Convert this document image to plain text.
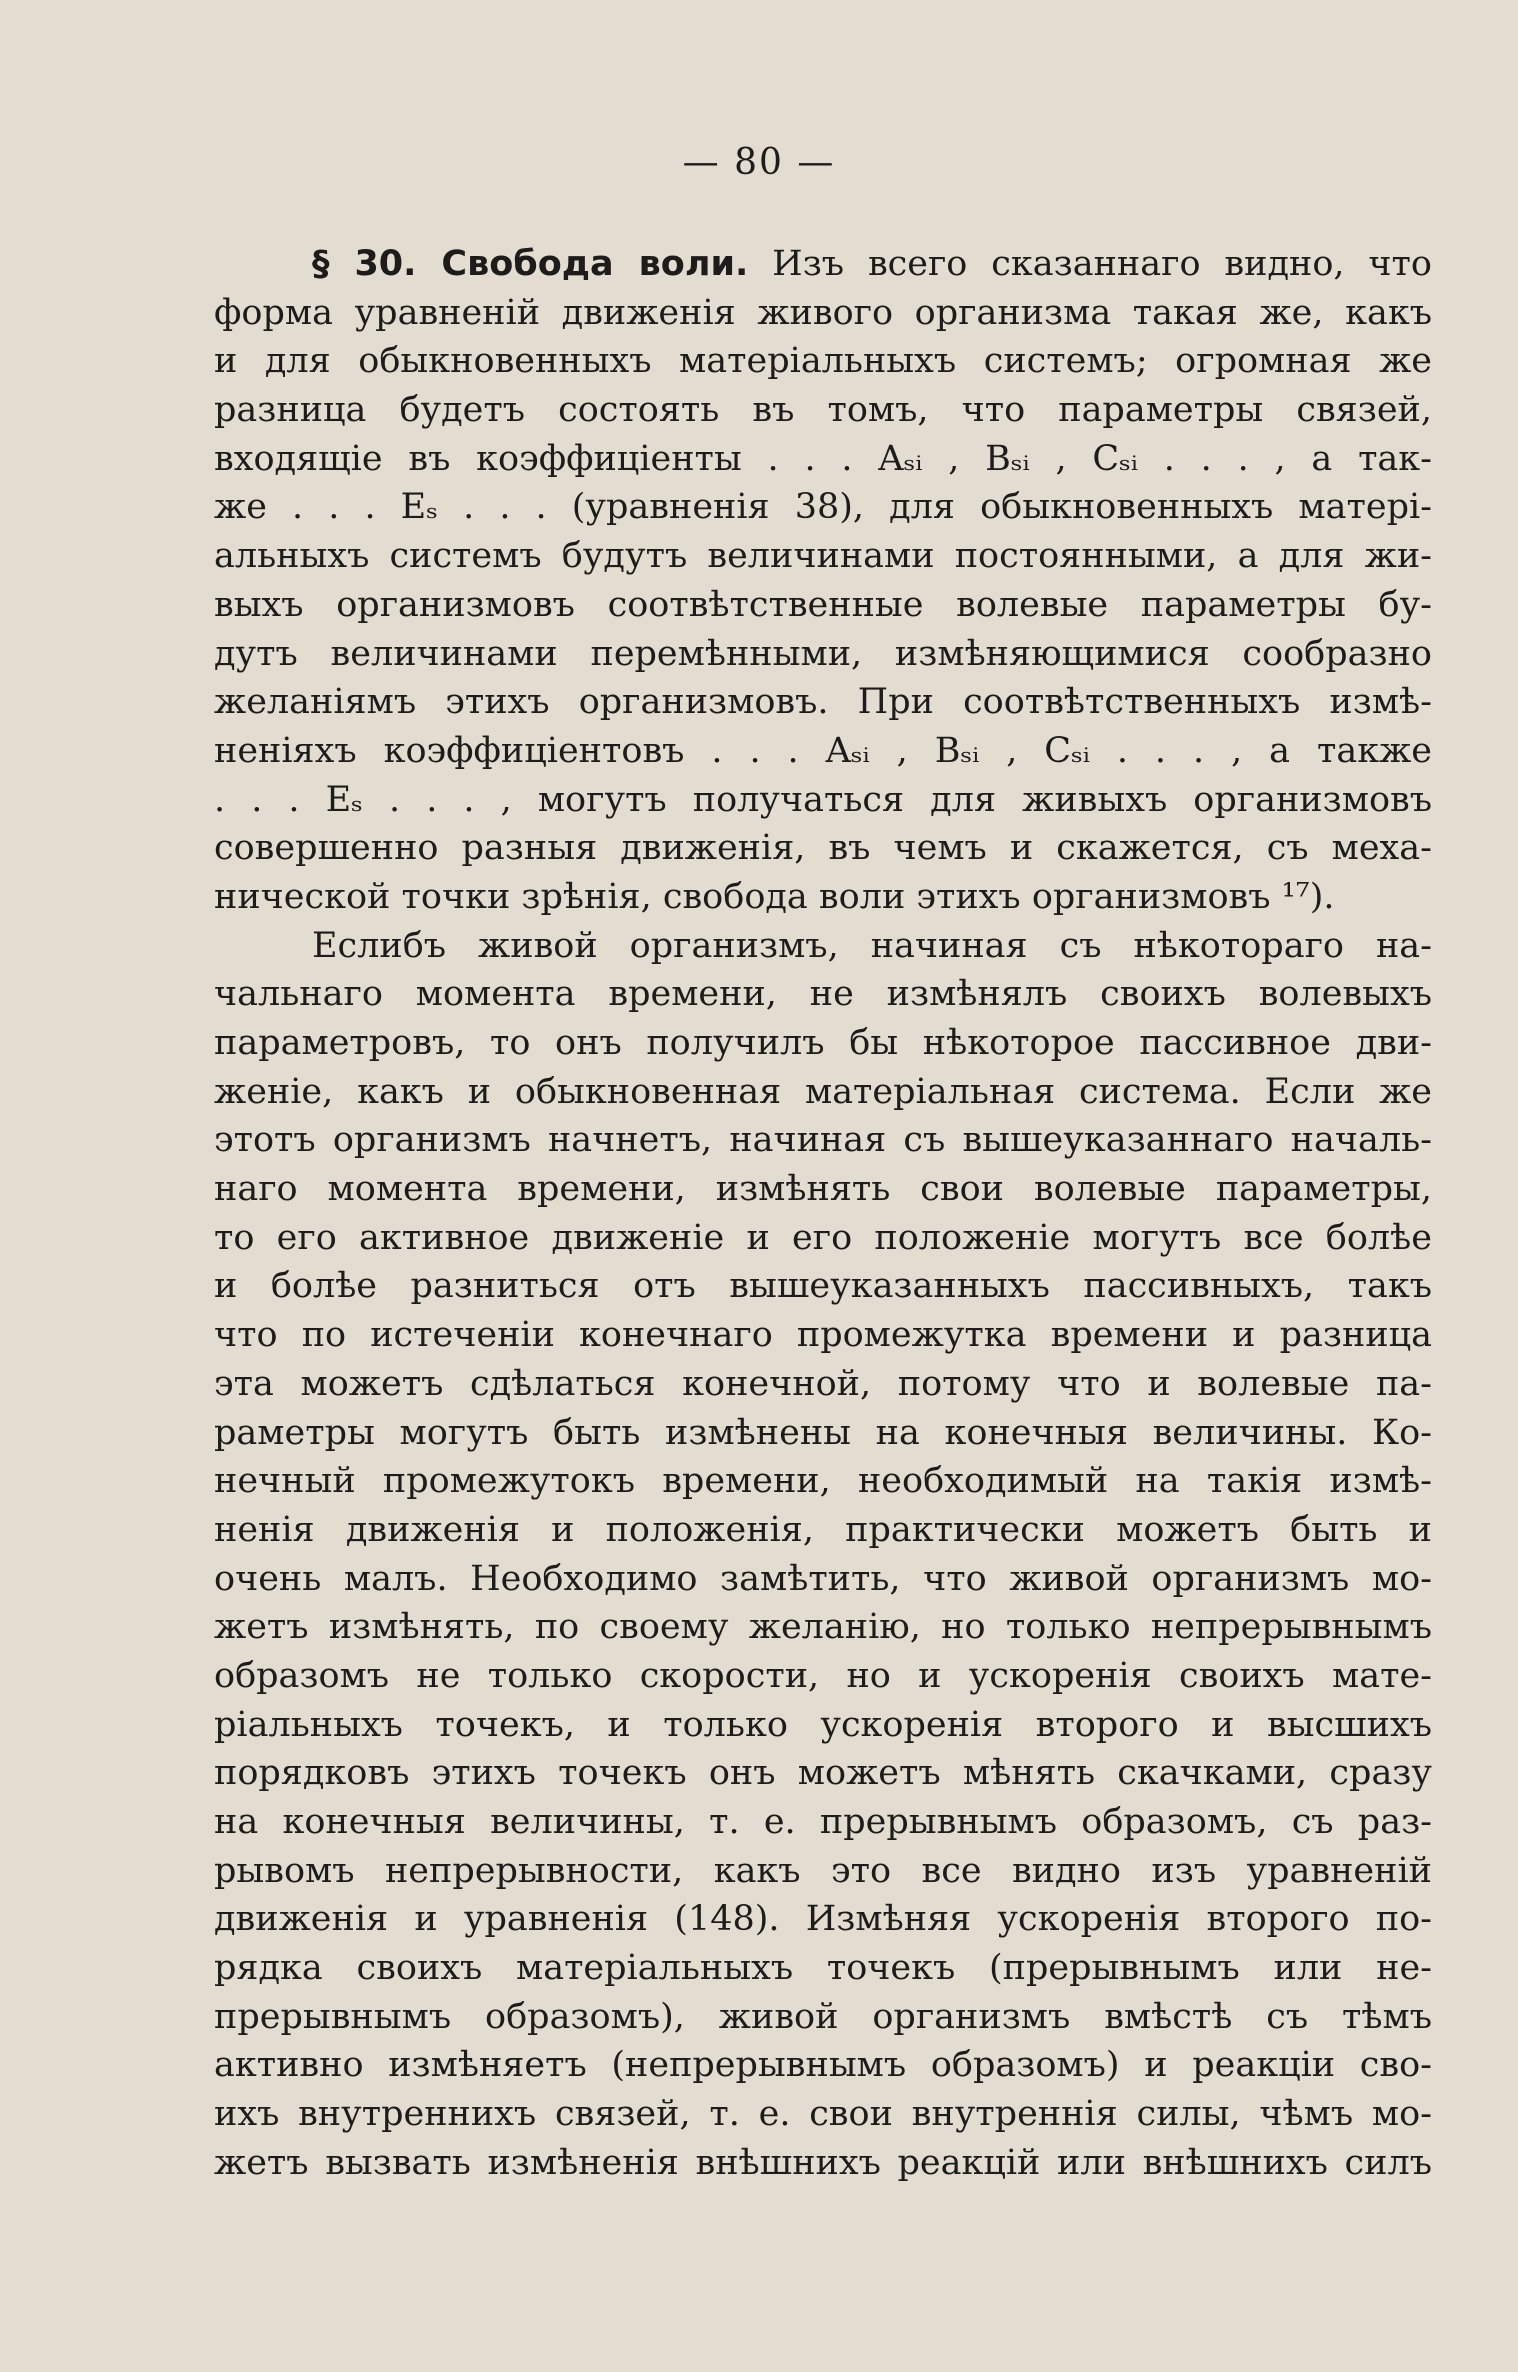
— 80 —
§ 30. Свобода воли. Изъ всего сказаннаго видно, что
форма уравненій движенія живого организма такая же, какъ
и для обыкновенныхъ матеріальныхъ системъ; огромная же
разница будетъ состоять въ томъ, что параметры связей,
входящіе въ коэффиціенты . . . Aₛᵢ , Bₛᵢ , Cₛᵢ . . . , а так-
же . . . Eₛ . . . (уравненія 38), для обыкновенныхъ матері-
альныхъ системъ будутъ величинами постоянными, а для жи-
выхъ организмовъ соотвѣтственные волевые параметры бу-
дутъ величинами перемѣнными, измѣняющимися сообразно
желаніямъ этихъ организмовъ. При соотвѣтственныхъ измѣ-
неніяхъ коэффиціентовъ . . . Aₛᵢ , Bₛᵢ , Cₛᵢ . . . , а также
. . . Eₛ . . . , могутъ получаться для живыхъ организмовъ
совершенно разныя движенія, въ чемъ и скажется, съ меха-
нической точки зрѣнія, свобода воли этихъ организмовъ ¹⁷).
Еслибъ живой организмъ, начиная съ нѣкотораго на-
чальнаго момента времени, не измѣнялъ своихъ волевыхъ
параметровъ, то онъ получилъ бы нѣкоторое пассивное дви-
женіе, какъ и обыкновенная матеріальная система. Если же
этотъ организмъ начнетъ, начиная съ вышеуказаннаго началь-
наго момента времени, измѣнять свои волевые параметры,
то его активное движеніе и его положеніе могутъ все болѣе
и болѣе разниться отъ вышеуказанныхъ пассивныхъ, такъ
что по истеченіи конечнаго промежутка времени и разница
эта можетъ сдѣлаться конечной, потому что и волевые па-
раметры могутъ быть измѣнены на конечныя величины. Ко-
нечный промежутокъ времени, необходимый на такія измѣ-
ненія движенія и положенія, практически можетъ быть и
очень малъ. Необходимо замѣтить, что живой организмъ мо-
жетъ измѣнять, по своему желанію, но только непрерывнымъ
образомъ не только скорости, но и ускоренія своихъ мате-
ріальныхъ точекъ, и только ускоренія второго и высшихъ
порядковъ этихъ точекъ онъ можетъ мѣнять скачками, сразу
на конечныя величины, т. е. прерывнымъ образомъ, съ раз-
рывомъ непрерывности, какъ это все видно изъ уравненій
движенія и уравненія (148). Измѣняя ускоренія второго по-
рядка своихъ матеріальныхъ точекъ (прерывнымъ или не-
прерывнымъ образомъ), живой организмъ вмѣстѣ съ тѣмъ
активно измѣняетъ (непрерывнымъ образомъ) и реакціи сво-
ихъ внутреннихъ связей, т. е. свои внутреннія силы, чѣмъ мо-
жетъ вызвать измѣненія внѣшнихъ реакцій или внѣшнихъ силъ
